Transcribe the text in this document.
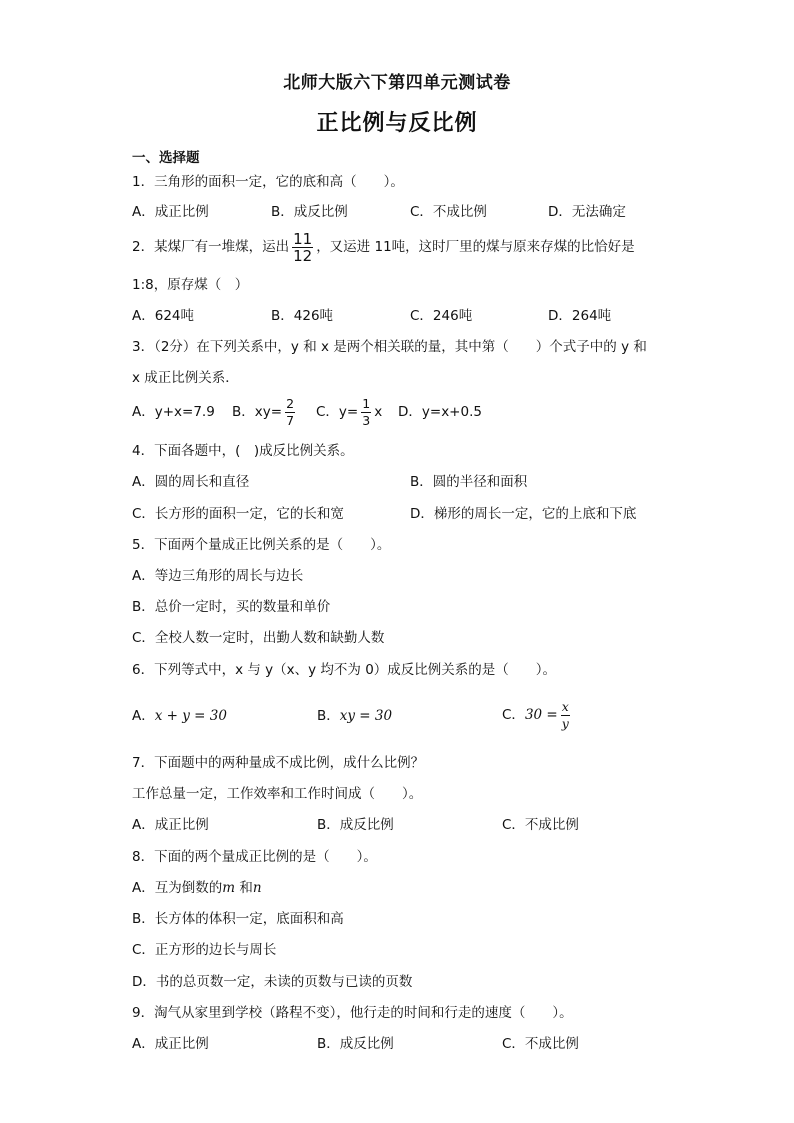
北师大版六下第四单元测试卷
正比例与反比例
一、选择题
1．三角形的面积一定，它的底和高（　　）。
A．成正比例	B．成反比例	C．不成比例	D．无法确定
2．某煤厂有一堆煤，运出 $\frac{11}{12}$ ，又运进 11吨，这时厂里的煤与原来存煤的比恰好是
1:8，原存煤（　）
A．624吨	B．426吨	C．246吨	D．264吨
3．（2分）在下列关系中，y 和 x 是两个相关联的量，其中第（　　）个式子中的 y 和
x 成正比例关系．
A．y+x=7.9 B．$xy= \frac{2}{7}$ C．$y= \frac{1}{3}$ x D．y=x+0.5
4．下面各题中，(　)成反比例关系。
A．圆的周长和直径	B．圆的半径和面积
C．长方形的面积一定，它的长和宽	D．梯形的周长一定，它的上底和下底
5．下面两个量成正比例关系的是（　　）。
A．等边三角形的周长与边长
B．总价一定时，买的数量和单价
C．全校人数一定时，出勤人数和缺勤人数
6．下列等式中，x 与 y（x、y 均不为 0）成反比例关系的是（　　）。
A．x + y = 30	B．xy = 30	C．$30 = \frac{x}{y}$
7．下面题中的两种量成不成比例，成什么比例？
工作总量一定，工作效率和工作时间成（　　）。
A．成正比例	B．成反比例	C．不成比例
8．下面的两个量成正比例的是（　　）。
A．互为倒数的m 和n
B．长方体的体积一定，底面积和高
C．正方形的边长与周长
D．书的总页数一定，未读的页数与已读的页数
9．淘气从家里到学校（路程不变），他行走的时间和行走的速度（　　）。
A．成正比例	B．成反比例	C．不成比例
